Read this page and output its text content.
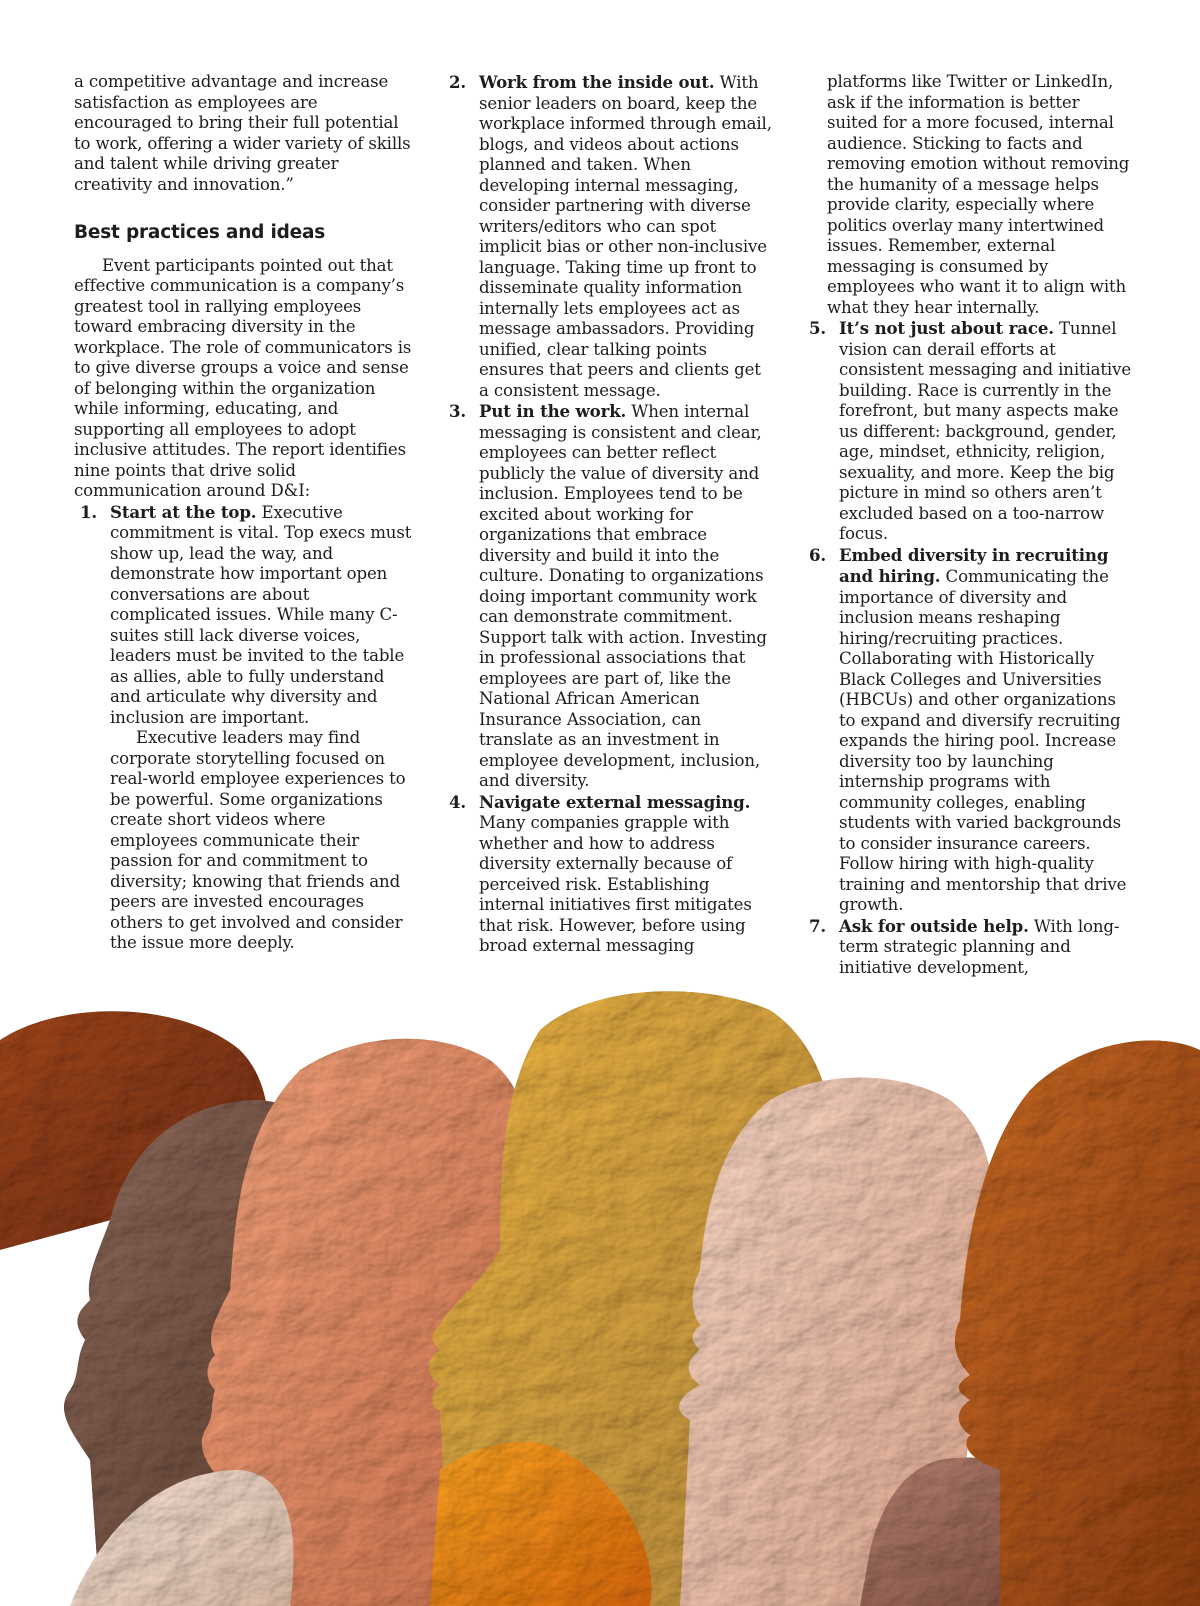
a competitive advantage and increase satisfaction as employees are encouraged to bring their full potential to work, offering a wider variety of skills and talent while driving greater creativity and innovation.”

Best practices and ideas

Event participants pointed out that effective communication is a company’s greatest tool in rallying employees toward embracing diversity in the workplace. The role of communicators is to give diverse groups a voice and sense of belonging within the organization while informing, educating, and supporting all employees to adopt inclusive attitudes. The report identifies nine points that drive solid communication around D&I:

1. Start at the top. Executive commitment is vital. Top execs must show up, lead the way, and demonstrate how important open conversations are about complicated issues. While many C-suites still lack diverse voices, leaders must be invited to the table as allies, able to fully understand and articulate why diversity and inclusion are important.

Executive leaders may find corporate storytelling focused on real-world employee experiences to be powerful. Some organizations create short videos where employees communicate their passion for and commitment to diversity; knowing that friends and peers are invested encourages others to get involved and consider the issue more deeply.

2. Work from the inside out. With senior leaders on board, keep the workplace informed through email, blogs, and videos about actions planned and taken. When developing internal messaging, consider partnering with diverse writers/editors who can spot implicit bias or other non-inclusive language. Taking time up front to disseminate quality information internally lets employees act as message ambassadors. Providing unified, clear talking points ensures that peers and clients get a consistent message.

3. Put in the work. When internal messaging is consistent and clear, employees can better reflect publicly the value of diversity and inclusion. Employees tend to be excited about working for organizations that embrace diversity and build it into the culture. Donating to organizations doing important community work can demonstrate commitment. Support talk with action. Investing in professional associations that employees are part of, like the National African American Insurance Association, can translate as an investment in employee development, inclusion, and diversity.

4. Navigate external messaging. Many companies grapple with whether and how to address diversity externally because of perceived risk. Establishing internal initiatives first mitigates that risk. However, before using broad external messaging

platforms like Twitter or LinkedIn, ask if the information is better suited for a more focused, internal audience. Sticking to facts and removing emotion without removing the humanity of a message helps provide clarity, especially where politics overlay many intertwined issues. Remember, external messaging is consumed by employees who want it to align with what they hear internally.

5. It’s not just about race. Tunnel vision can derail efforts at consistent messaging and initiative building. Race is currently in the forefront, but many aspects make us different: background, gender, age, mindset, ethnicity, religion, sexuality, and more. Keep the big picture in mind so others aren’t excluded based on a too-narrow focus.

6. Embed diversity in recruiting and hiring. Communicating the importance of diversity and inclusion means reshaping hiring/recruiting practices. Collaborating with Historically Black Colleges and Universities (HBCUs) and other organizations to expand and diversify recruiting expands the hiring pool. Increase diversity too by launching internship programs with community colleges, enabling students with varied backgrounds to consider insurance careers. Follow hiring with high-quality training and mentorship that drive growth.

7. Ask for outside help. With long-term strategic planning and initiative development,
